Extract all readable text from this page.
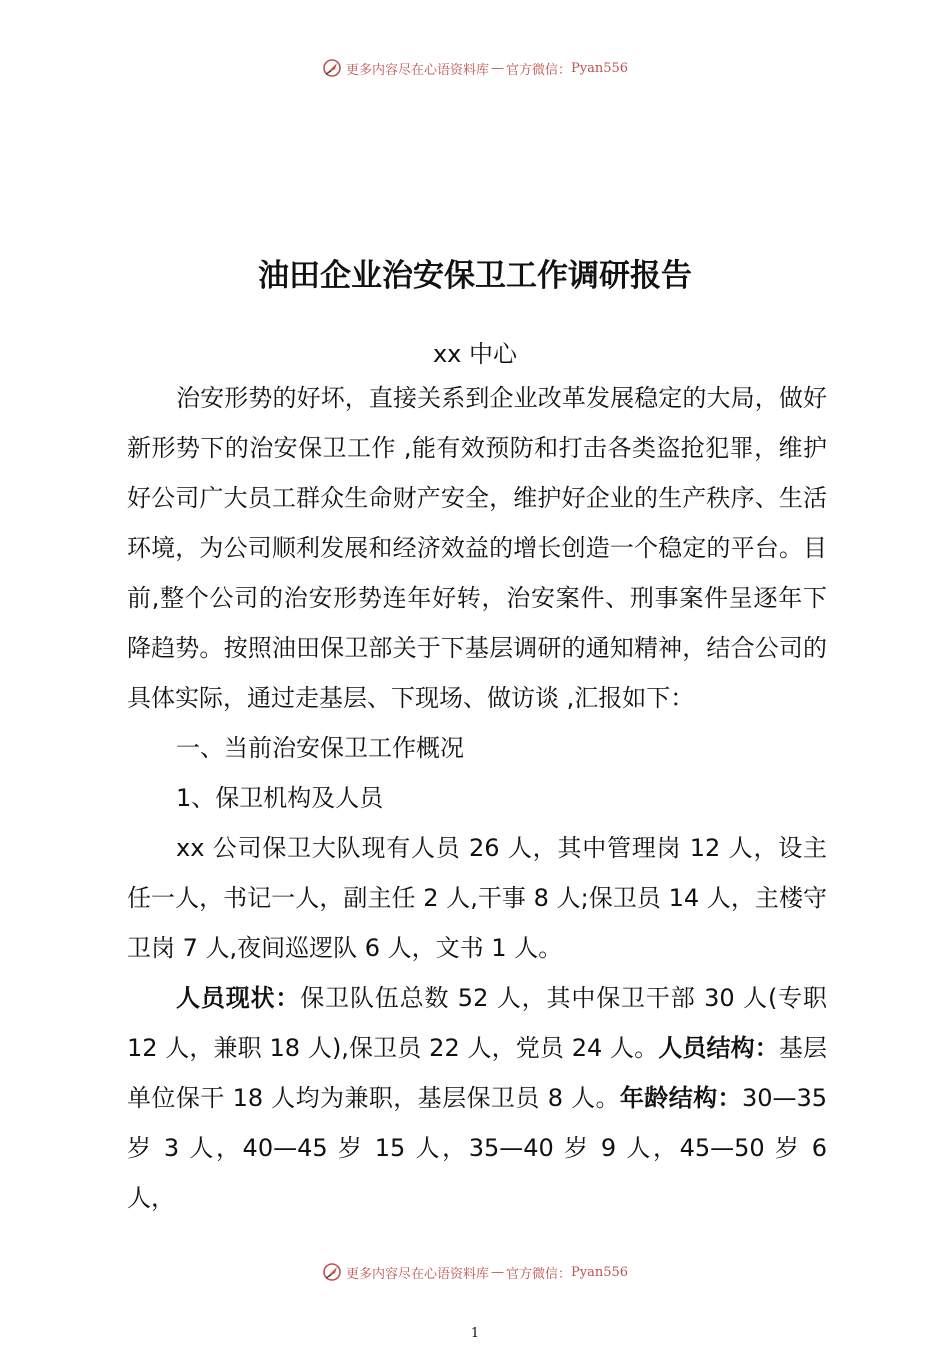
更多内容尽在心语资料库 — 官方微信： Pyan556
油田企业治安保卫工作调研报告
xx 中心

治安形势的好坏，直接关系到企业改革发展稳定的大局，做好新形势下的治安保卫工作 ,能有效预防和打击各类盗抢犯罪，维护好公司广大员工群众生命财产安全，维护好企业的生产秩序、生活环境，为公司顺利发展和经济效益的增长创造一个稳定的平台。目前,整个公司的治安形势连年好转，治安案件、刑事案件呈逐年下降趋势。按照油田保卫部关于下基层调研的通知精神，结合公司的具体实际，通过走基层、下现场、做访谈 ,汇报如下：

一、当前治安保卫工作概况

1、保卫机构及人员

xx 公司保卫大队现有人员 26 人，其中管理岗 12 人，设主任一人，书记一人，副主任 2 人,干事 8 人;保卫员 14 人，主楼守卫岗 7 人,夜间巡逻队 6 人，文书 1 人。

人员现状：保卫队伍总数 52 人，其中保卫干部 30 人(专职 12 人，兼职 18 人),保卫员 22 人，党员 24 人。人员结构：基层单位保干 18 人均为兼职，基层保卫员 8 人。年龄结构：30—35 岁 3 人，40—45 岁 15 人，35—40 岁 9 人，45—50 岁 6 人，

更多内容尽在心语资料库 — 官方微信： Pyan556
1
